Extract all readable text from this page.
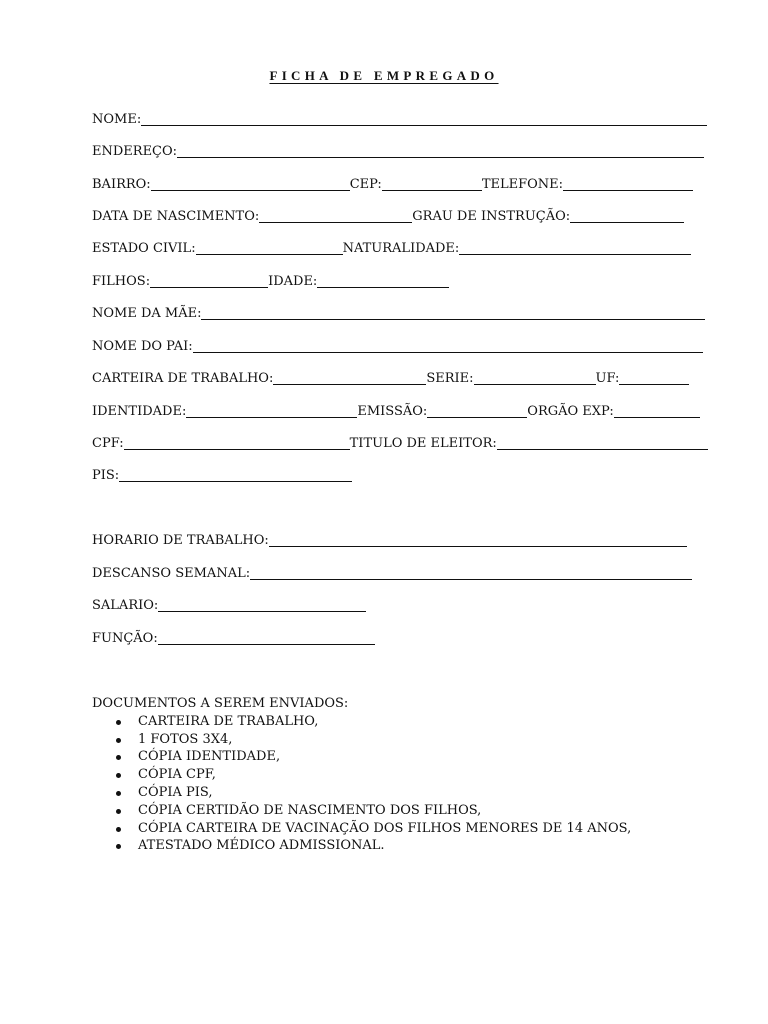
FICHA DE EMPREGADO
NOME:
ENDEREÇO:
BAIRRO:	CEP:	TELEFONE:
DATA DE NASCIMENTO:	GRAU DE INSTRUÇÃO:
ESTADO CIVIL:	NATURALIDADE:
FILHOS:	IDADE:
NOME DA MÃE:
NOME DO PAI:
CARTEIRA DE TRABALHO:	SERIE:	UF:
IDENTIDADE:	EMISSÃO:	ORGÃO EXP:
CPF:	TITULO DE ELEITOR:
PIS:
HORARIO DE TRABALHO:
DESCANSO SEMANAL:
SALARIO:
FUNÇÃO:
DOCUMENTOS A SEREM ENVIADOS:
CARTEIRA DE TRABALHO,
1 FOTOS 3X4,
CÓPIA IDENTIDADE,
CÓPIA CPF,
CÓPIA PIS,
CÓPIA CERTIDÃO DE NASCIMENTO DOS FILHOS,
CÓPIA CARTEIRA DE VACINAÇÃO DOS FILHOS MENORES DE 14 ANOS,
ATESTADO MÉDICO ADMISSIONAL.
